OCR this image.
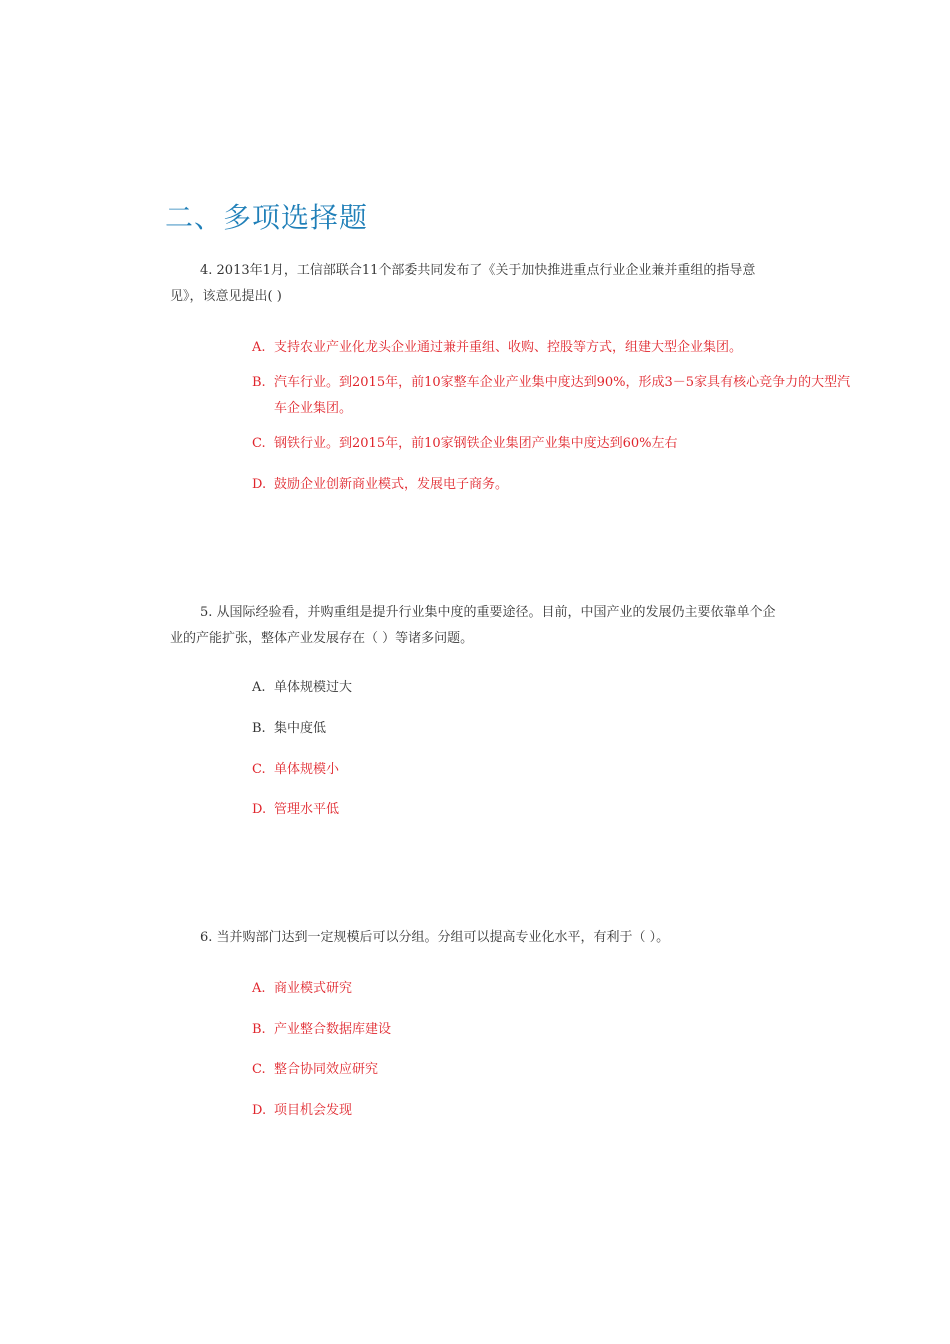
二、多项选择题
4. 2013年1月，工信部联合11个部委共同发布了《关于加快推进重点行业企业兼并重组的指导意
见》，该意见提出( )
A. 支持农业产业化龙头企业通过兼并重组、收购、控股等方式，组建大型企业集团。
B. 汽车行业。到2015年，前10家整车企业产业集中度达到90%，形成3－5家具有核心竞争力的大型汽
车企业集团。
C. 钢铁行业。到2015年，前10家钢铁企业集团产业集中度达到60%左右
D. 鼓励企业创新商业模式，发展电子商务。
5. 从国际经验看，并购重组是提升行业集中度的重要途径。目前，中国产业的发展仍主要依靠单个企
业的产能扩张，整体产业发展存在（ ）等诸多问题。
A. 单体规模过大
B. 集中度低
C. 单体规模小
D. 管理水平低
6. 当并购部门达到一定规模后可以分组。分组可以提高专业化水平，有利于（ ）。
A. 商业模式研究
B. 产业整合数据库建设
C. 整合协同效应研究
D. 项目机会发现
